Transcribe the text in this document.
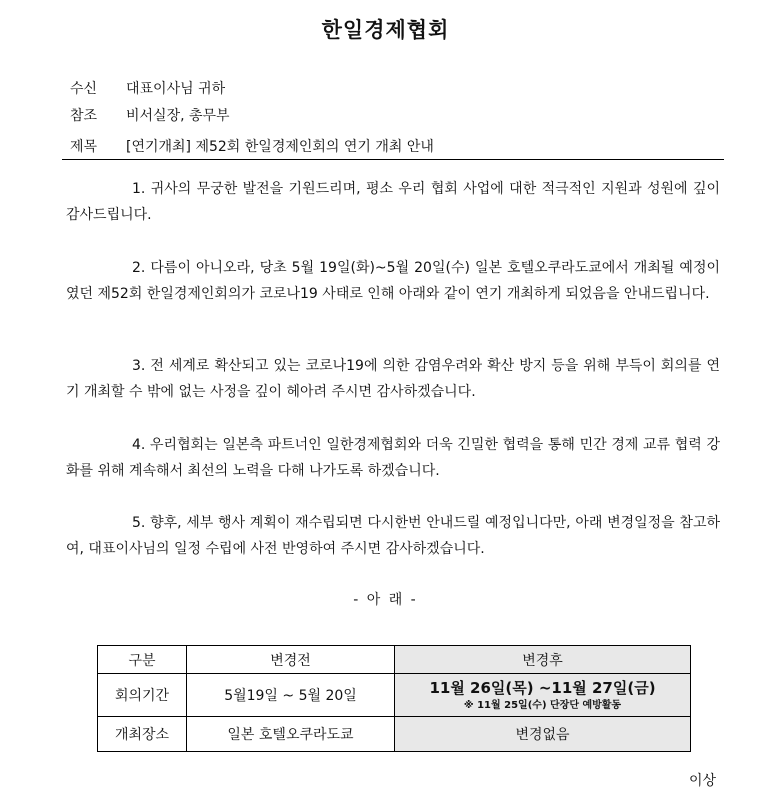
한일경제협회
수신 대표이사님 귀하
참조 비서실장, 총무부
제목 [연기개최] 제52회 한일경제인회의 연기 개최 안내

1. 귀사의 무궁한 발전을 기원드리며, 평소 우리 협회 사업에 대한 적극적인 지원과 성원에 깊이 감사드립니다.

2. 다름이 아니오라, 당초 5월 19일(화)~5월 20일(수) 일본 호텔오쿠라도쿄에서 개최될 예정이였던 제52회 한일경제인회의가 코로나19 사태로 인해 아래와 같이 연기 개최하게 되었음을 안내드립니다.

3. 전 세계로 확산되고 있는 코로나19에 의한 감염우려와 확산 방지 등을 위해 부득이 회의를 연기 개최할 수 밖에 없는 사정을 깊이 헤아려 주시면 감사하겠습니다.

4. 우리협회는 일본측 파트너인 일한경제협회와 더욱 긴밀한 협력을 통해 민간 경제 교류 협력 강화를 위해 계속해서 최선의 노력을 다해 나가도록 하겠습니다.

5. 향후, 세부 행사 계획이 재수립되면 다시한번 안내드릴 예정입니다만, 아래 변경일정을 참고하여, 대표이사님의 일정 수립에 사전 반영하여 주시면 감사하겠습니다.

- 아 래 -
구분	변경전	변경후
회의기간	5월19일 ~ 5월 20일	11월 26일(목) ~11월 27일(금)
※ 11월 25일(수) 단장단 예방활동

개최장소	일본 호텔오쿠라도쿄	변경없음
이상
